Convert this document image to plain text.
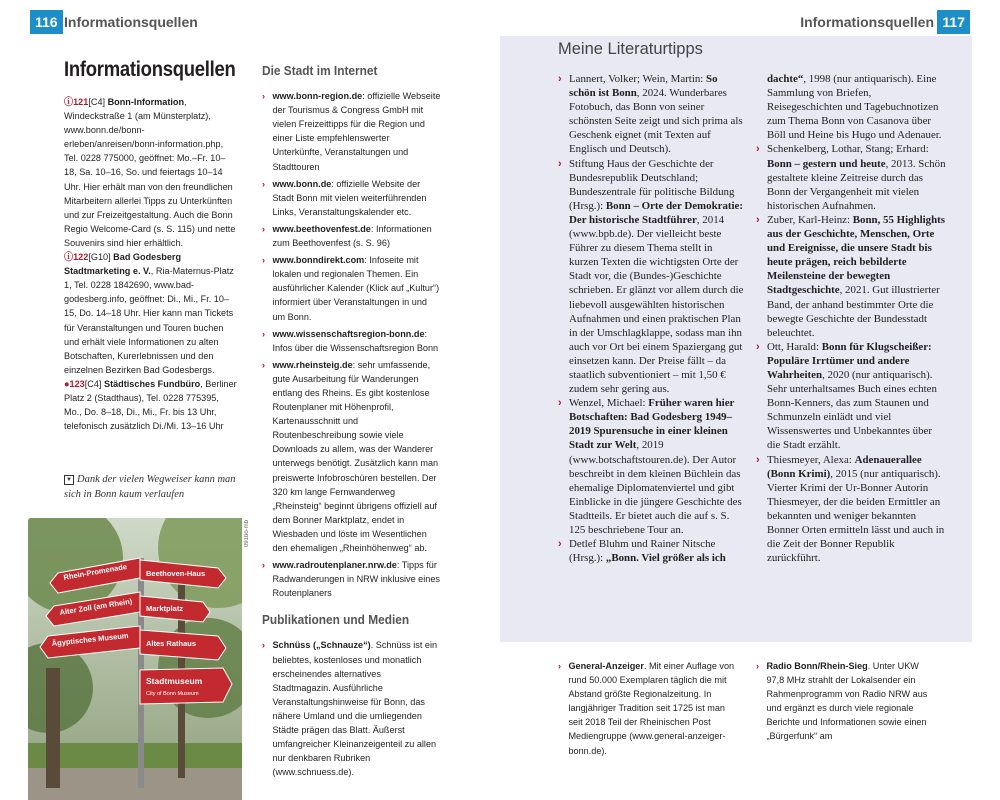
116 Informationsquellen
Informationsquellen
ⓘ121[C4] Bonn-Information, Windeckstraße 1 (am Münsterplatz), www.bonn.de/bonn-erleben/anreisen/bonn-information.php, Tel. 0228 775000, geöffnet: Mo.–Fr. 10–18, Sa. 10–16, So. und feiertags 10–14 Uhr. Hier erhält man von den freundlichen Mitarbeitern allerlei Tipps zu Unterkünften und zur Freizeitgestaltung. Auch die Bonn Regio Welcome-Card (s. S. 115) und nette Souvenirs sind hier erhältlich.
ⓘ122[G10] Bad Godesberg Stadtmarketing e. V., Ria-Maternus-Platz 1, Tel. 0228 1842690, www.bad-godesberg.info, geöffnet: Di., Mi., Fr. 10–15, Do. 14–18 Uhr. Hier kann man Tickets für Veranstaltungen und Touren buchen und erhält viele Informationen zu alten Botschaften, Kurerlebnissen und den einzelnen Bezirken Bad Godesbergs.
●123[C4] Städtisches Fundbüro, Berliner Platz 2 (Stadthaus), Tel. 0228 775395, Mo., Do. 8–18, Di., Mi., Fr. bis 13 Uhr, telefonisch zusätzlich Di./Mi. 13–16 Uhr
▼ Dank der vielen Wegweiser kann man sich in Bonn kaum verlaufen
Rhein-Promenade Beethoven-Haus
Alter Zoll (am Rhein) Marktplatz
Ägyptisches Museum Altes Rathaus
Stadtmuseum
City of Bonn Museum
091bo-mb
Die Stadt im Internet
› www.bonn-region.de: offizielle Webseite der Tourismus & Congress GmbH mit vielen Freizeittipps für die Region und einer Liste empfehlenswerter Unterkünfte, Veranstaltungen und Stadttouren
› www.bonn.de: offizielle Website der Stadt Bonn mit vielen weiterführenden Links, Veranstaltungskalender etc.
› www.beethovenfest.de: Informationen zum Beethovenfest (s. S. 96)
› www.bonndirekt.com: Infoseite mit lokalen und regionalen Themen. Ein ausführlicher Kalender (Klick auf „Kultur“) informiert über Veranstaltungen in und um Bonn.
› www.wissenschaftsregion-bonn.de: Infos über die Wissenschaftsregion Bonn
› www.rheinsteig.de: sehr umfassende, gute Ausarbeitung für Wanderungen entlang des Rheins. Es gibt kostenlose Routenplaner mit Höhenprofil, Kartenausschnitt und Routenbeschreibung sowie viele Downloads zu allem, was der Wanderer unterwegs benötigt. Zusätzlich kann man preiswerte Infobroschüren bestellen. Der 320 km lange Fernwanderweg „Rheinsteig“ beginnt übrigens offiziell auf dem Bonner Marktplatz, endet in Wiesbaden und löste im Wesentlichen den ehemaligen „Rheinhöhenweg“ ab.
› www.radroutenplaner.nrw.de: Tipps für Radwanderungen in NRW inklusive eines Routenplaners
Publikationen und Medien
› Schnüss („Schnauze“). Schnüss ist ein beliebtes, kostenloses und monatlich erscheinendes alternatives Stadtmagazin. Ausführliche Veranstaltungshinweise für Bonn, das nähere Umland und die umliegenden Städte prägen das Blatt. Äußerst umfangreicher Kleinanzeigenteil zu allen nur denkbaren Rubriken (www.schnuess.de).
117
Informationsquellen
Meine Literaturtipps
› Lannert, Volker; Wein, Martin: So schön ist Bonn, 2024. Wunderbares Fotobuch, das Bonn von seiner schönsten Seite zeigt und sich prima als Geschenk eignet (mit Texten auf Englisch und Deutsch).
› Stiftung Haus der Geschichte der Bundesrepublik Deutschland; Bundeszentrale für politische Bildung (Hrsg.): Bonn – Orte der Demokratie: Der historische Stadtführer, 2014 (www.bpb.de). Der vielleicht beste Führer zu diesem Thema stellt in kurzen Texten die wichtigsten Orte der Stadt vor, die (Bundes-)Geschichte schrieben. Er glänzt vor allem durch die liebevoll ausgewählten historischen Aufnahmen und einen praktischen Plan in der Umschlagklappe, sodass man ihn auch vor Ort bei einem Spaziergang gut einsetzen kann. Der Preise fällt – da staatlich subventioniert – mit 1,50 € zudem sehr gering aus.
› Wenzel, Michael: Früher waren hier Botschaften: Bad Godesberg 1949–2019 Spurensuche in einer kleinen Stadt zur Welt, 2019 (www.botschaftstouren.de). Der Autor beschreibt in dem kleinen Büchlein das ehemalige Diplomatenviertel und gibt Einblicke in die jüngere Geschichte des Stadtteils. Er bietet auch die auf s. S. 125 beschriebene Tour an.
› Detlef Bluhm und Rainer Nitsche (Hrsg.): „Bonn. Viel größer als ich
dachte“, 1998 (nur antiquarisch). Eine Sammlung von Briefen, Reisegeschichten und Tagebuchnotizen zum Thema Bonn von Casanova über Böll und Heine bis Hugo und Adenauer.
› Schenkelberg, Lothar, Stang; Erhard: Bonn – gestern und heute, 2013. Schön gestaltete kleine Zeitreise durch das Bonn der Vergangenheit mit vielen historischen Aufnahmen.
› Zuber, Karl-Heinz: Bonn, 55 Highlights aus der Geschichte, Menschen, Orte und Ereignisse, die unsere Stadt bis heute prägen, reich bebilderte Meilensteine der bewegten Stadtgeschichte, 2021. Gut illustrierter Band, der anhand bestimmter Orte die bewegte Geschichte der Bundesstadt beleuchtet.
› Ott, Harald: Bonn für Klugscheißer: Populäre Irrtümer und andere Wahrheiten, 2020 (nur antiquarisch). Sehr unterhaltsames Buch eines echten Bonn-Kenners, das zum Staunen und Schmunzeln einlädt und viel Wissenswertes und Unbekanntes über die Stadt erzählt.
› Thiesmeyer, Alexa: Adenauerallee (Bonn Krimi), 2015 (nur antiquarisch). Vierter Krimi der Ur-Bonner Autorin Thiesmeyer, der die beiden Ermittler an bekannten und weniger bekannten Bonner Orten ermitteln lässt und auch in die Zeit der Bonner Republik zurückführt.
› General-Anzeiger. Mit einer Auflage von rund 50.000 Exemplaren täglich die mit Abstand größte Regionalzeitung. In langjähriger Tradition seit 1725 ist man seit 2018 Teil der Rheinischen Post Mediengruppe (www.general-anzeiger-bonn.de).
› Radio Bonn/Rhein-Sieg. Unter UKW 97,8 MHz strahlt der Lokalsender ein Rahmenprogramm von Radio NRW aus und ergänzt es durch viele regionale Berichte und Informationen sowie einen „Bürgerfunk“ am
